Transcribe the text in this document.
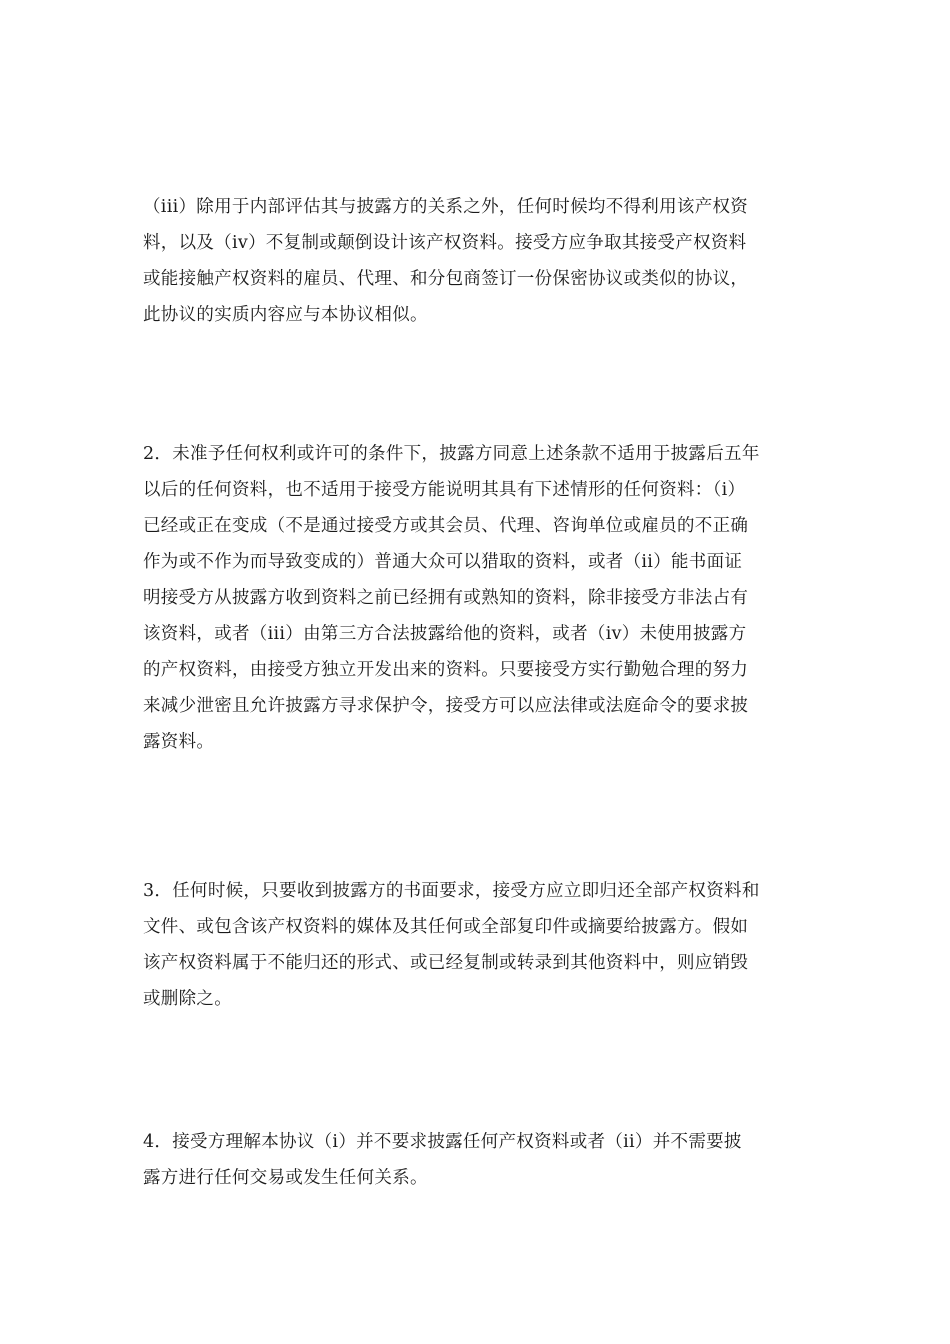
（iii）除用于内部评估其与披露方的关系之外，任何时候均不得利用该产权资
料，以及（iv）不复制或颠倒设计该产权资料。接受方应争取其接受产权资料
或能接触产权资料的雇员、代理、和分包商签订一份保密协议或类似的协议，
此协议的实质内容应与本协议相似。
2．未准予任何权利或许可的条件下，披露方同意上述条款不适用于披露后五年
以后的任何资料，也不适用于接受方能说明其具有下述情形的任何资料：（i）
已经或正在变成（不是通过接受方或其会员、代理、咨询单位或雇员的不正确
作为或不作为而导致变成的）普通大众可以猎取的资料，或者（ii）能书面证
明接受方从披露方收到资料之前已经拥有或熟知的资料，除非接受方非法占有
该资料，或者（iii）由第三方合法披露给他的资料，或者（iv）未使用披露方
的产权资料，由接受方独立开发出来的资料。只要接受方实行勤勉合理的努力
来减少泄密且允许披露方寻求保护令，接受方可以应法律或法庭命令的要求披
露资料。
3．任何时候，只要收到披露方的书面要求，接受方应立即归还全部产权资料和
文件、或包含该产权资料的媒体及其任何或全部复印件或摘要给披露方。假如
该产权资料属于不能归还的形式、或已经复制或转录到其他资料中，则应销毁
或删除之。
4．接受方理解本协议（i）并不要求披露任何产权资料或者（ii）并不需要披
露方进行任何交易或发生任何关系。
